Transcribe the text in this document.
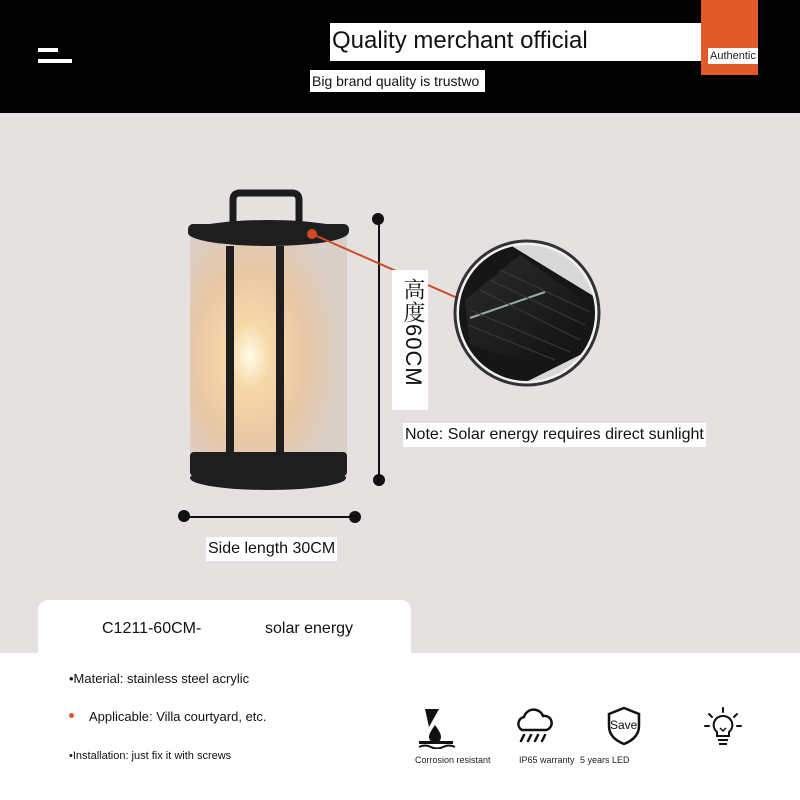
Quality merchant official
Authentic
Big brand quality is trustwo
高度60CM
Note: Solar energy requires direct sunlight
Side length 30CM
C1211-60CM-	solar energy
•Material: stainless steel acrylic
Applicable: Villa courtyard, etc.
•Installation: just fix it with screws	Corrosion resistant	IP65 warranty
Save
5 years LED
